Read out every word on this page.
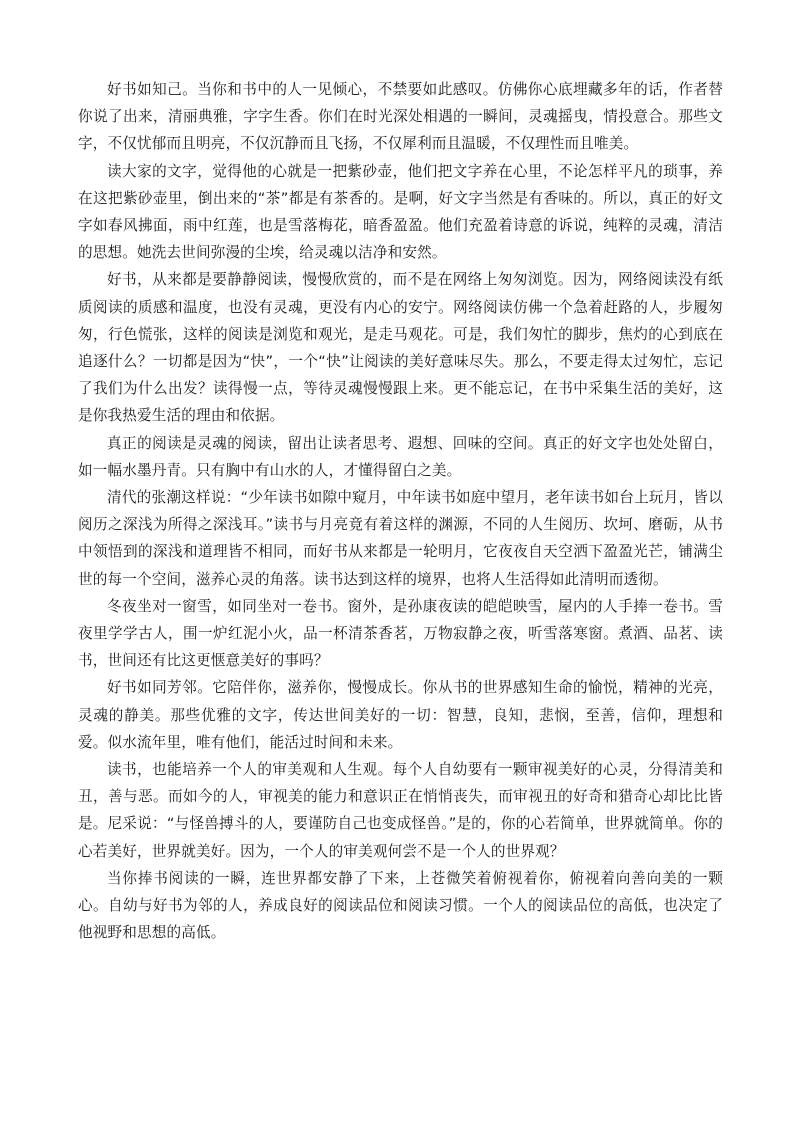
好书如知己。当你和书中的人一见倾心，不禁要如此感叹。仿佛你心底埋藏多年的话，作者替你说了出来，清丽典雅，字字生香。你们在时光深处相遇的一瞬间，灵魂摇曳，情投意合。那些文字，不仅忧郁而且明亮，不仅沉静而且飞扬，不仅犀利而且温暖，不仅理性而且唯美。

读大家的文字，觉得他的心就是一把紫砂壶，他们把文字养在心里，不论怎样平凡的琐事，养在这把紫砂壶里，倒出来的“茶”都是有茶香的。是啊，好文字当然是有香味的。所以，真正的好文字如春风拂面，雨中红莲，也是雪落梅花，暗香盈盈。他们充盈着诗意的诉说，纯粹的灵魂，清洁的思想。她洗去世间弥漫的尘埃，给灵魂以洁净和安然。

好书，从来都是要静静阅读，慢慢欣赏的，而不是在网络上匆匆浏览。因为，网络阅读没有纸质阅读的质感和温度，也没有灵魂，更没有内心的安宁。网络阅读仿佛一个急着赶路的人，步履匆匆，行色慌张，这样的阅读是浏览和观光，是走马观花。可是，我们匆忙的脚步，焦灼的心到底在追逐什么？一切都是因为“快”，一个“快”让阅读的美好意味尽失。那么，不要走得太过匆忙，忘记了我们为什么出发？读得慢一点，等待灵魂慢慢跟上来。更不能忘记，在书中采集生活的美好，这是你我热爱生活的理由和依据。

真正的阅读是灵魂的阅读，留出让读者思考、遐想、回味的空间。真正的好文字也处处留白，如一幅水墨丹青。只有胸中有山水的人，才懂得留白之美。

清代的张潮这样说：“少年读书如隙中窥月，中年读书如庭中望月，老年读书如台上玩月，皆以阅历之深浅为所得之深浅耳。”读书与月亮竟有着这样的渊源，不同的人生阅历、坎坷、磨砺，从书中领悟到的深浅和道理皆不相同，而好书从来都是一轮明月，它夜夜自天空洒下盈盈光芒，铺满尘世的每一个空间，滋养心灵的角落。读书达到这样的境界，也将人生活得如此清明而透彻。

冬夜坐对一窗雪，如同坐对一卷书。窗外，是孙康夜读的皑皑映雪，屋内的人手捧一卷书。雪夜里学学古人，围一炉红泥小火，品一杯清茶香茗，万物寂静之夜，听雪落寒窗。煮酒、品茗、读书，世间还有比这更惬意美好的事吗？

好书如同芳邻。它陪伴你，滋养你，慢慢成长。你从书的世界感知生命的愉悦，精神的光亮，灵魂的静美。那些优雅的文字，传达世间美好的一切：智慧，良知，悲悯，至善，信仰，理想和爱。似水流年里，唯有他们，能活过时间和未来。

读书，也能培养一个人的审美观和人生观。每个人自幼要有一颗审视美好的心灵，分得清美和丑，善与恶。而如今的人，审视美的能力和意识正在悄悄丧失，而审视丑的好奇和猎奇心却比比皆是。尼采说：“与怪兽搏斗的人，要谨防自己也变成怪兽。”是的，你的心若简单，世界就简单。你的心若美好，世界就美好。因为，一个人的审美观何尝不是一个人的世界观？

当你捧书阅读的一瞬，连世界都安静了下来，上苍微笑着俯视着你，俯视着向善向美的一颗心。自幼与好书为邻的人，养成良好的阅读品位和阅读习惯。一个人的阅读品位的高低，也决定了他视野和思想的高低。
